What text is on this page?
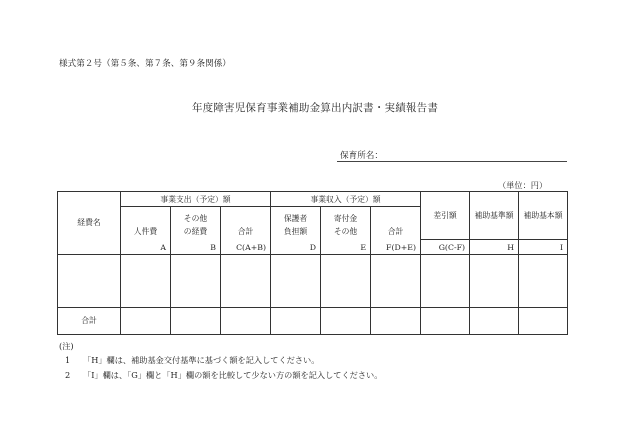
様式第２号（第５条、第７条、第９条関係）
年度障害児保育事業補助金算出内訳書・実績報告書
保育所名：
（単位：円）
経費名	事業支出（予定）額			事業収入（予定）額			差引額	補助基準額	補助基本額
		その他		保護者	寄付金				
	人件費	の経費	合計	負担額	その他	合計			

	A	B	C(A+B)	D	E	F(D+E)	G(C-F)	H	I

合計									
(注)
1 「H」欄は、補助基金交付基準に基づく額を記入してください。
2 「I」欄は、「G」欄と「H」欄の額を比較して少ない方の額を記入してください。
